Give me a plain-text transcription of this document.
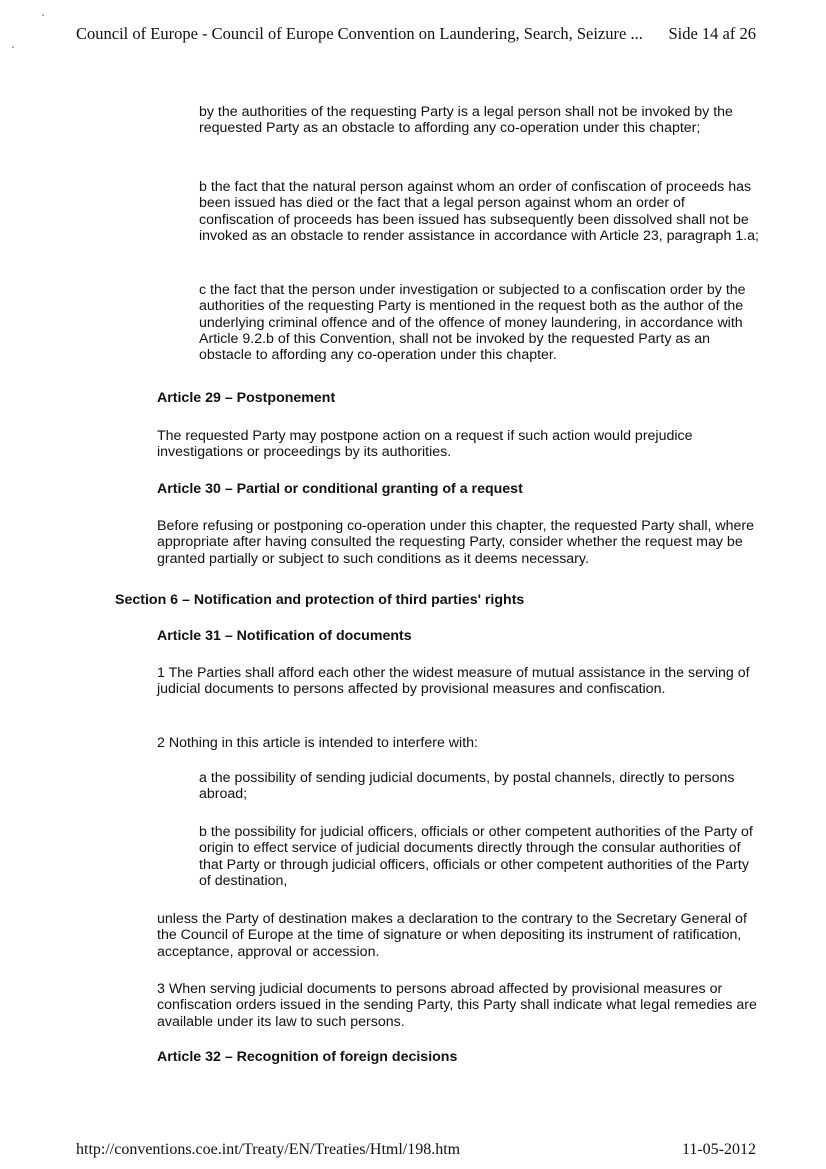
Council of Europe - Council of Europe Convention on Laundering, Search, Seizure ... Side 14 af 26

by the authorities of the requesting Party is a legal person shall not be invoked by the requested Party as an obstacle to affording any co-operation under this chapter;

b the fact that the natural person against whom an order of confiscation of proceeds has been issued has died or the fact that a legal person against whom an order of confiscation of proceeds has been issued has subsequently been dissolved shall not be invoked as an obstacle to render assistance in accordance with Article 23, paragraph 1.a;

c the fact that the person under investigation or subjected to a confiscation order by the authorities of the requesting Party is mentioned in the request both as the author of the underlying criminal offence and of the offence of money laundering, in accordance with Article 9.2.b of this Convention, shall not be invoked by the requested Party as an obstacle to affording any co-operation under this chapter.

Article 29 – Postponement

The requested Party may postpone action on a request if such action would prejudice investigations or proceedings by its authorities.

Article 30 – Partial or conditional granting of a request

Before refusing or postponing co-operation under this chapter, the requested Party shall, where appropriate after having consulted the requesting Party, consider whether the request may be granted partially or subject to such conditions as it deems necessary.

Section 6 – Notification and protection of third parties' rights

Article 31 – Notification of documents

1 The Parties shall afford each other the widest measure of mutual assistance in the serving of judicial documents to persons affected by provisional measures and confiscation.

2 Nothing in this article is intended to interfere with:

a the possibility of sending judicial documents, by postal channels, directly to persons abroad;

b the possibility for judicial officers, officials or other competent authorities of the Party of origin to effect service of judicial documents directly through the consular authorities of that Party or through judicial officers, officials or other competent authorities of the Party of destination,

unless the Party of destination makes a declaration to the contrary to the Secretary General of the Council of Europe at the time of signature or when depositing its instrument of ratification, acceptance, approval or accession.

3 When serving judicial documents to persons abroad affected by provisional measures or confiscation orders issued in the sending Party, this Party shall indicate what legal remedies are available under its law to such persons.

Article 32 – Recognition of foreign decisions

http://conventions.coe.int/Treaty/EN/Treaties/Html/198.htm	11-05-2012
